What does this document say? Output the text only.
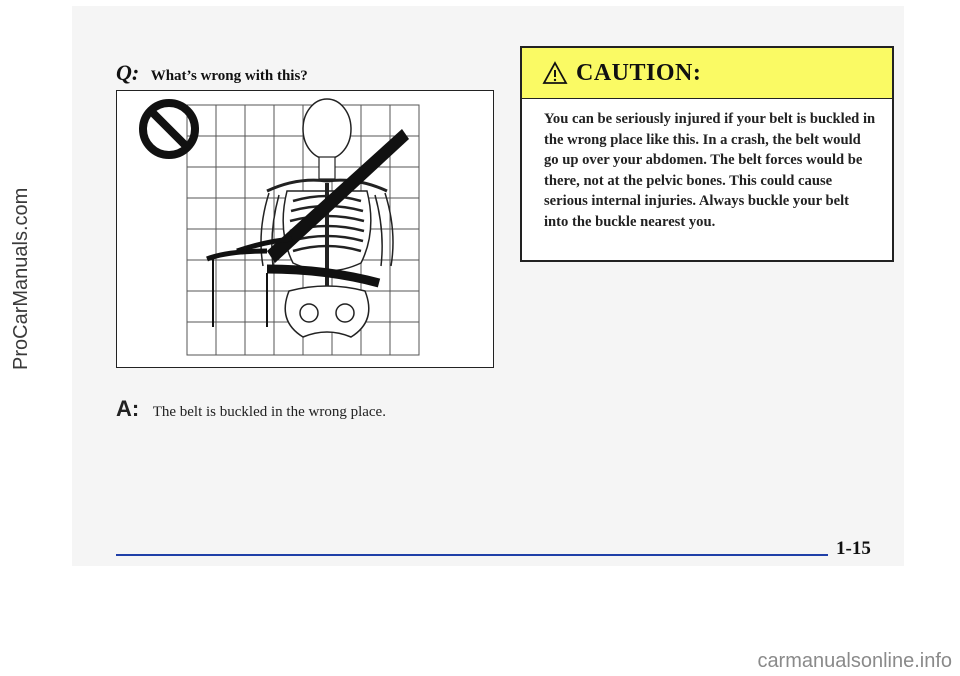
ProCarManuals.com
carmanualsonline.info
Q: What’s wrong with this?
A: The belt is buckled in the wrong place.
CAUTION:
You can be seriously injured if your belt is buckled in the wrong place like this. In a crash, the belt would go up over your abdomen. The belt forces would be there, not at the pelvic bones. This could cause serious internal injuries. Always buckle your belt into the buckle nearest you.
1-15
